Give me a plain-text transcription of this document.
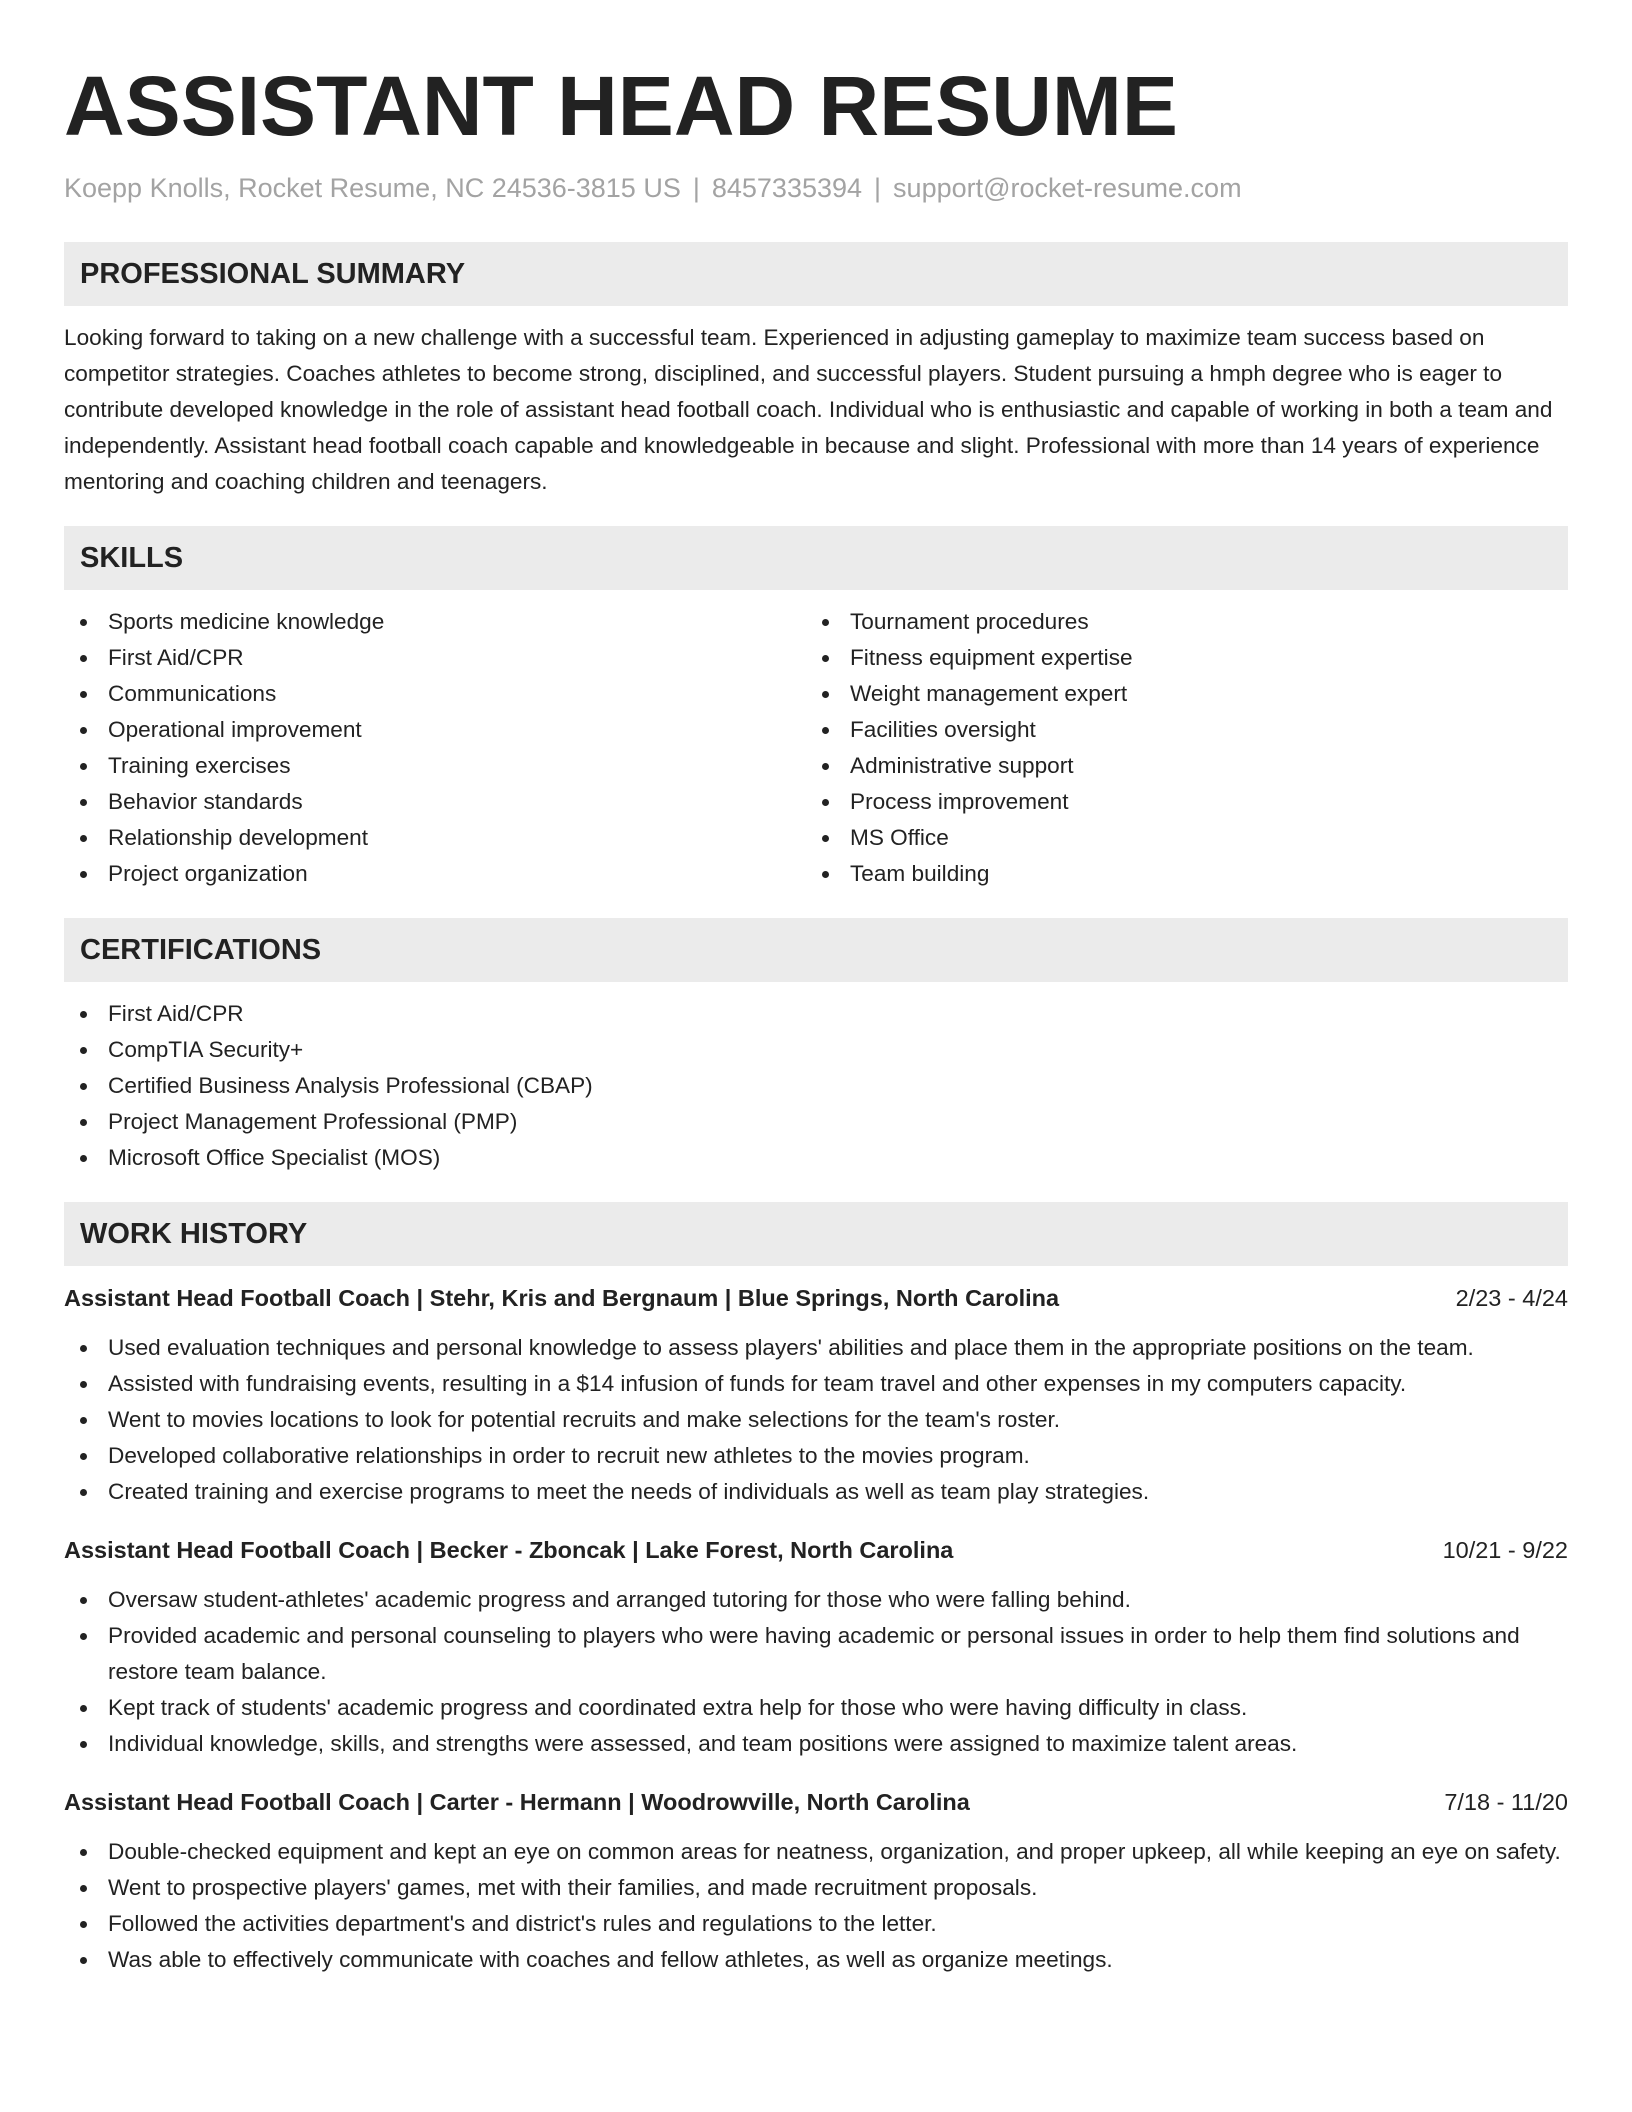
ASSISTANT HEAD RESUME
Koepp Knolls, Rocket Resume, NC 24536-3815 US | 8457335394 | support@rocket-resume.com
PROFESSIONAL SUMMARY

Looking forward to taking on a new challenge with a successful team. Experienced in adjusting gameplay to maximize team success based on competitor strategies. Coaches athletes to become strong, disciplined, and successful players. Student pursuing a hmph degree who is eager to contribute developed knowledge in the role of assistant head football coach. Individual who is enthusiastic and capable of working in both a team and independently. Assistant head football coach capable and knowledgeable in because and slight. Professional with more than 14 years of experience mentoring and coaching children and teenagers.

SKILLS
Sports medicine knowledge
First Aid/CPR
Communications
Operational improvement
Training exercises
Behavior standards
Relationship development
Project organization
Tournament procedures
Fitness equipment expertise
Weight management expert
Facilities oversight
Administrative support
Process improvement
MS Office
Team building
CERTIFICATIONS
First Aid/CPR
CompTIA Security+
Certified Business Analysis Professional (CBAP)
Project Management Professional (PMP)
Microsoft Office Specialist (MOS)
WORK HISTORY
Assistant Head Football Coach | Stehr, Kris and Bergnaum | Blue Springs, North Carolina	2/23 - 4/24
Used evaluation techniques and personal knowledge to assess players' abilities and place them in the appropriate positions on the team.
Assisted with fundraising events, resulting in a $14 infusion of funds for team travel and other expenses in my computers capacity.
Went to movies locations to look for potential recruits and make selections for the team's roster.
Developed collaborative relationships in order to recruit new athletes to the movies program.
Created training and exercise programs to meet the needs of individuals as well as team play strategies.
Assistant Head Football Coach | Becker - Zboncak | Lake Forest, North Carolina	10/21 - 9/22
Oversaw student-athletes' academic progress and arranged tutoring for those who were falling behind.
Provided academic and personal counseling to players who were having academic or personal issues in order to help them find solutions and restore team balance.
Kept track of students' academic progress and coordinated extra help for those who were having difficulty in class.
Individual knowledge, skills, and strengths were assessed, and team positions were assigned to maximize talent areas.
Assistant Head Football Coach | Carter - Hermann | Woodrowville, North Carolina	7/18 - 11/20
Double-checked equipment and kept an eye on common areas for neatness, organization, and proper upkeep, all while keeping an eye on safety.
Went to prospective players' games, met with their families, and made recruitment proposals.
Followed the activities department's and district's rules and regulations to the letter.
Was able to effectively communicate with coaches and fellow athletes, as well as organize meetings.
